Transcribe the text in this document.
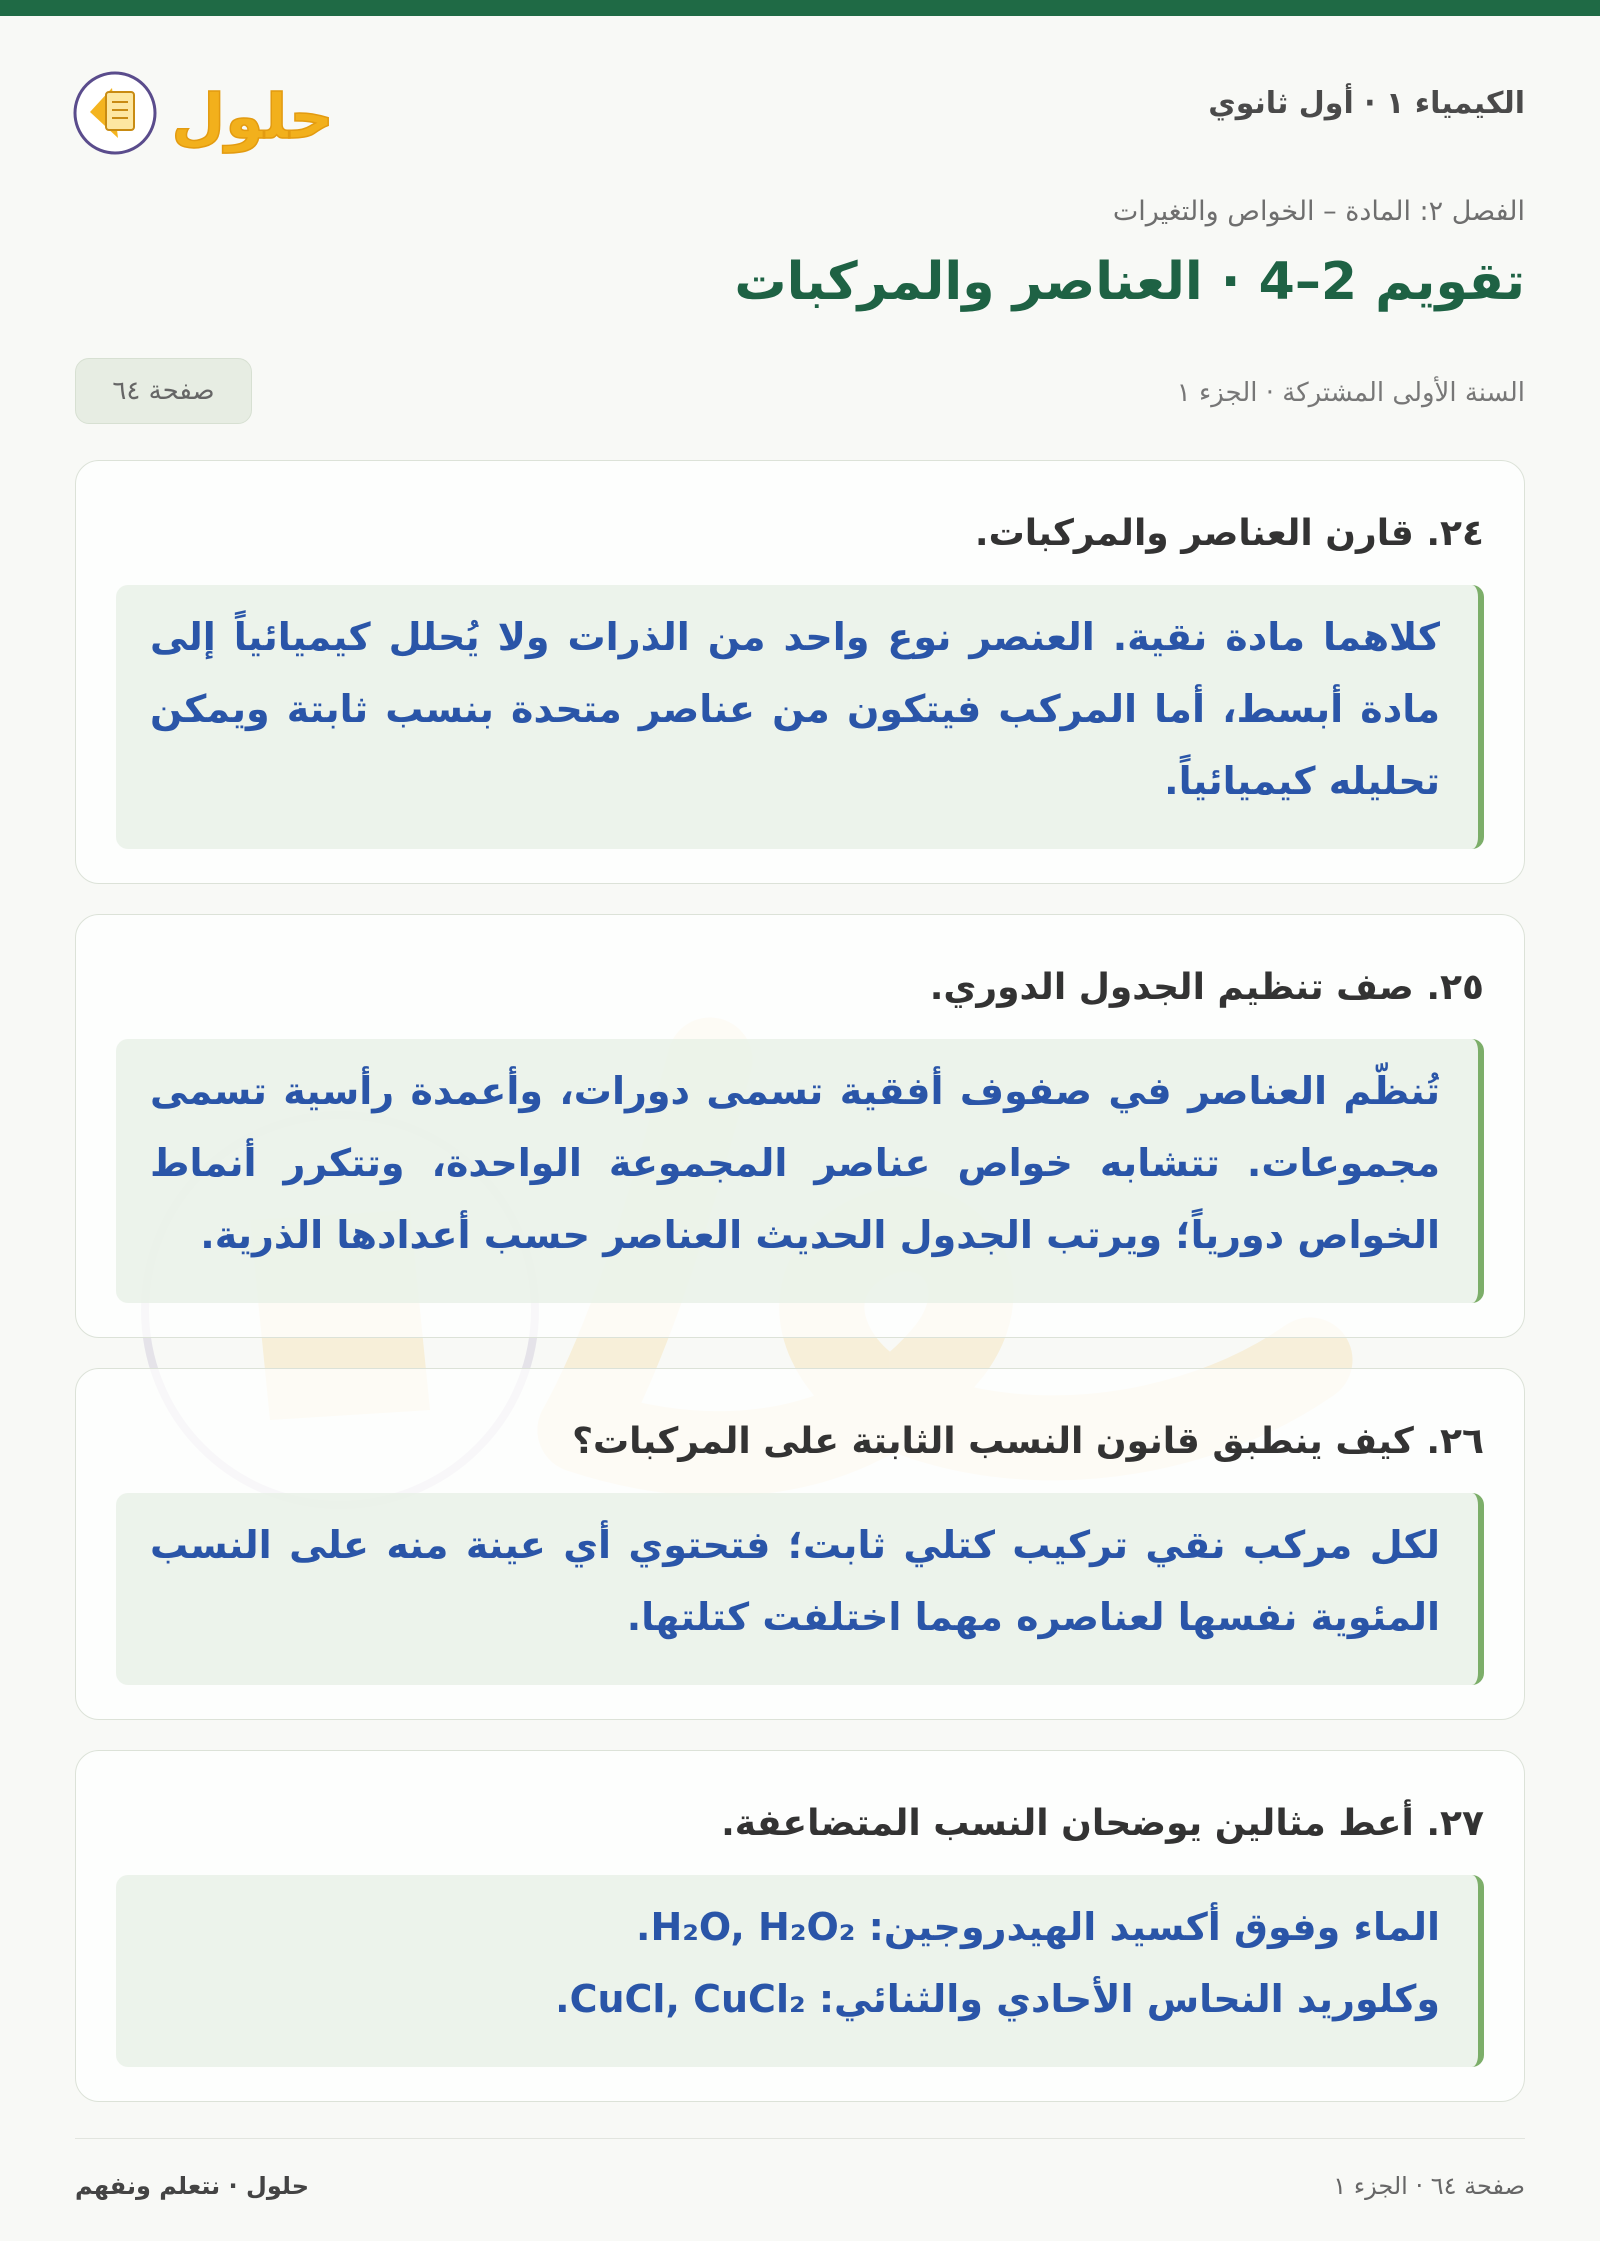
حلول	الكيمياء ١ · أول ثانوي
الفصل ٢: المادة – الخواص والتغيرات
تقويم 2–4 · العناصر والمركبات
السنة الأولى المشتركة · الجزء ١
صفحة ٦٤

٢٤. قارن العناصر والمركبات.

كلاهما مادة نقية. العنصر نوع واحد من الذرات ولا يُحلل كيميائياً إلى
مادة أبسط، أما المركب فيتكون من عناصر متحدة بنسب ثابتة ويمكن
تحليله كيميائياً.

٢٥. صف تنظيم الجدول الدوري.

تُنظّم العناصر في صفوف أفقية تسمى دورات، وأعمدة رأسية تسمى
مجموعات. تتشابه خواص عناصر المجموعة الواحدة، وتتكرر أنماط
الخواص دورياً؛ ويرتب الجدول الحديث العناصر حسب أعدادها الذرية.

٢٦. كيف ينطبق قانون النسب الثابتة على المركبات؟

لكل مركب نقي تركيب كتلي ثابت؛ فتحتوي أي عينة منه على النسب
المئوية نفسها لعناصره مهما اختلفت كتلتها.

٢٧. أعط مثالين يوضحان النسب المتضاعفة.

الماء وفوق أكسيد الهيدروجين: H₂O, H₂O₂.
وكلوريد النحاس الأحادي والثنائي: CuCl, CuCl₂.
حلول · نتعلم ونفهم	صفحة ٦٤ · الجزء ١
